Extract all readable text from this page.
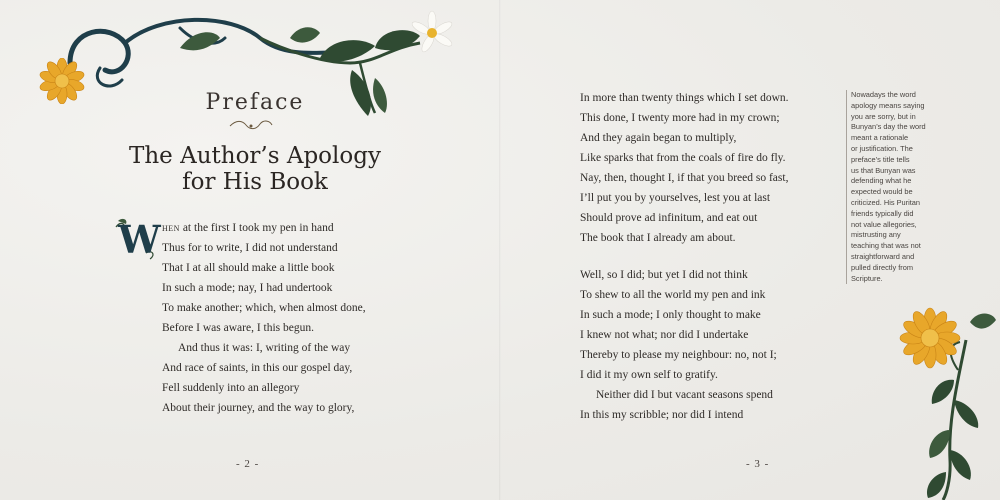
Preface
The Author’s Apology
for His Book
W hen at the first I took my pen in hand
Thus for to write, I did not understand
That I at all should make a little book
In such a mode; nay, I had undertook
To make another; which, when almost done,
Before I was aware, I this begun.
And thus it was: I, writing of the way
And race of saints, in this our gospel day,
Fell suddenly into an allegory
About their journey, and the way to glory,
- 2 -
In more than twenty things which I set down.
This done, I twenty more had in my crown;
And they again began to multiply,
Like sparks that from the coals of fire do fly.
Nay, then, thought I, if that you breed so fast,
I’ll put you by yourselves, lest you at last
Should prove ad infinitum, and eat out
The book that I already am about.
Well, so I did; but yet I did not think
To shew to all the world my pen and ink
In such a mode; I only thought to make
I knew not what; nor did I undertake
Thereby to please my neighbour: no, not I;
I did it my own self to gratify.
Neither did I but vacant seasons spend
In this my scribble; nor did I intend
Nowadays the word
apology means saying
you are sorry, but in
Bunyan’s day the word
meant a rationale
or justification. The
preface’s title tells
us that Bunyan was
defending what he
expected would be
criticized. His Puritan
friends typically did
not value allegories,
mistrusting any
teaching that was not
straightforward and
pulled directly from
Scripture.
- 3 -
